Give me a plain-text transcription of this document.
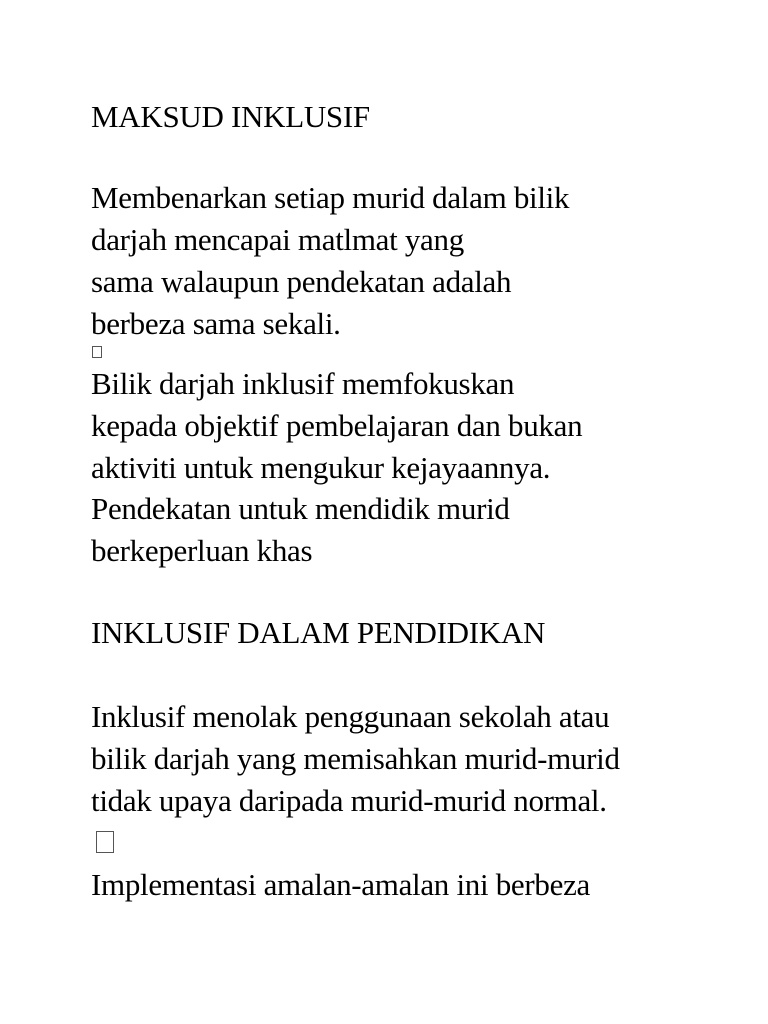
MAKSUD INKLUSIF
Membenarkan setiap murid dalam bilik
darjah mencapai matlmat yang
sama walaupun pendekatan adalah
berbeza sama sekali.
Bilik darjah inklusif memfokuskan
kepada objektif pembelajaran dan bukan
aktiviti untuk mengukur kejayaannya.
Pendekatan untuk mendidik murid
berkeperluan khas
INKLUSIF DALAM PENDIDIKAN
Inklusif menolak penggunaan sekolah atau
bilik darjah yang memisahkan murid-murid
tidak upaya daripada murid-murid normal.
Implementasi amalan-amalan ini berbeza
